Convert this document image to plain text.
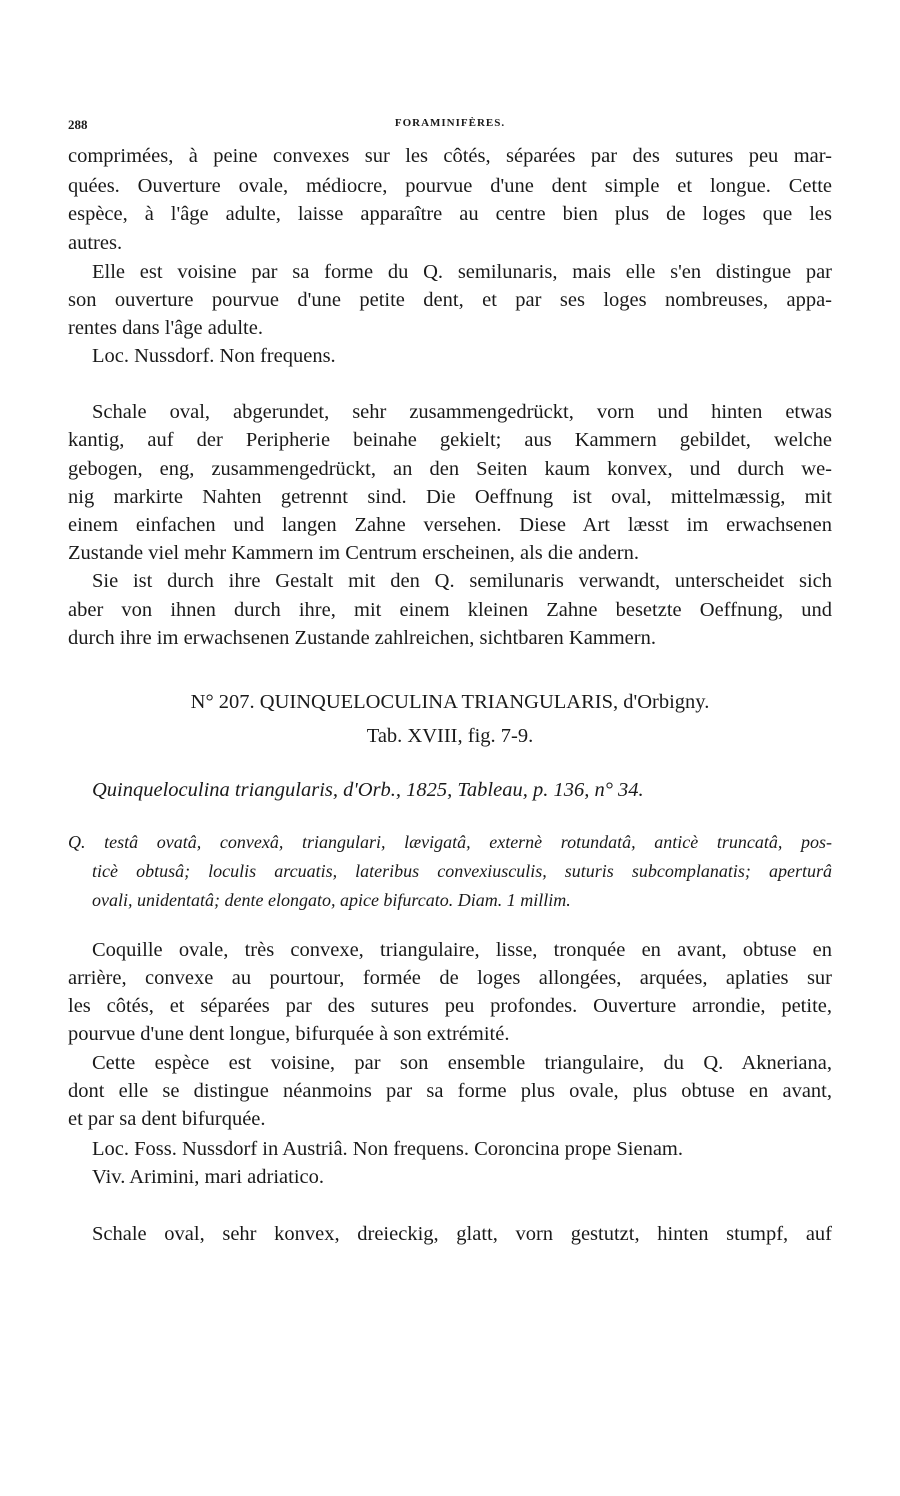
288	FORAMINIFÈRES.
comprimées, à peine convexes sur les côtés, séparées par des sutures peu mar-
quées. Ouverture ovale, médiocre, pourvue d'une dent simple et longue. Cette
espèce, à l'âge adulte, laisse apparaître au centre bien plus de loges que les
autres.
Elle est voisine par sa forme du Q. semilunaris, mais elle s'en distingue par
son ouverture pourvue d'une petite dent, et par ses loges nombreuses, appa-
rentes dans l'âge adulte.
Loc. Nussdorf. Non frequens.
Schale oval, abgerundet, sehr zusammengedrückt, vorn und hinten etwas
kantig, auf der Peripherie beinahe gekielt; aus Kammern gebildet, welche
gebogen, eng, zusammengedrückt, an den Seiten kaum konvex, und durch we-
nig markirte Nahten getrennt sind. Die Oeffnung ist oval, mittelmæssig, mit
einem einfachen und langen Zahne versehen. Diese Art læsst im erwachsenen
Zustande viel mehr Kammern im Centrum erscheinen, als die andern.
Sie ist durch ihre Gestalt mit den Q. semilunaris verwandt, unterscheidet sich
aber von ihnen durch ihre, mit einem kleinen Zahne besetzte Oeffnung, und
durch ihre im erwachsenen Zustande zahlreichen, sichtbaren Kammern.
N° 207. QUINQUELOCULINA TRIANGULARIS, d'Orbigny.
Tab. XVIII, fig. 7-9.
Quinqueloculina triangularis, d'Orb., 1825, Tableau, p. 136, n° 34.
Q. testâ ovatâ, convexâ, triangulari, lævigatâ, externè rotundatâ, anticè truncatâ, pos-
ticè obtusâ; loculis arcuatis, lateribus convexiusculis, suturis subcomplanatis; aperturâ
ovali, unidentatâ; dente elongato, apice bifurcato. Diam. 1 millim.
Coquille ovale, très convexe, triangulaire, lisse, tronquée en avant, obtuse en
arrière, convexe au pourtour, formée de loges allongées, arquées, aplaties sur
les côtés, et séparées par des sutures peu profondes. Ouverture arrondie, petite,
pourvue d'une dent longue, bifurquée à son extrémité.
Cette espèce est voisine, par son ensemble triangulaire, du Q. Akneriana,
dont elle se distingue néanmoins par sa forme plus ovale, plus obtuse en avant,
et par sa dent bifurquée.
Loc. Foss. Nussdorf in Austriâ. Non frequens. Coroncina prope Sienam.
Viv. Arimini, mari adriatico.
Schale oval, sehr konvex, dreieckig, glatt, vorn gestutzt, hinten stumpf, auf
